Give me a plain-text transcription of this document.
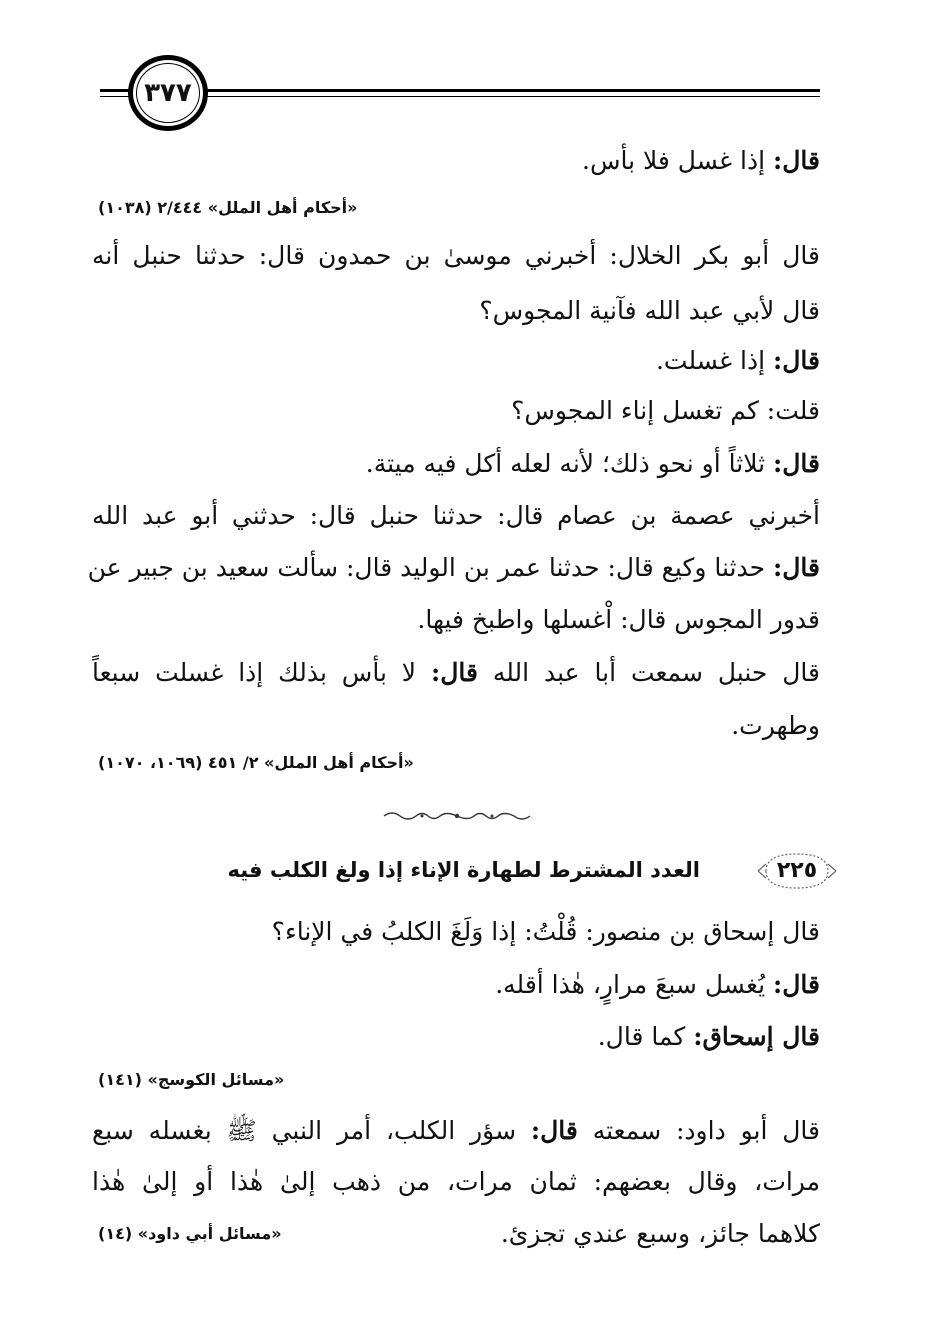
٣٧٧
قال: إذا غسل فلا بأس.
«أحكام أهل الملل» ٢/٤٤٤ (١٠٣٨)
قال أبو بكر الخلال: أخبرني موسىٰ بن حمدون قال: حدثنا حنبل أنه
قال لأبي عبد الله فآنية المجوس؟
قال: إذا غسلت.
قلت: كم تغسل إناء المجوس؟
قال: ثلاثاً أو نحو ذلك؛ لأنه لعله أكل فيه ميتة.
أخبرني عصمة بن عصام قال: حدثنا حنبل قال: حدثني أبو عبد الله
قال: حدثنا وكيع قال: حدثنا عمر بن الوليد قال: سألت سعيد بن جبير عن
قدور المجوس قال: اْغسلها واطبخ فيها.
قال حنبل سمعت أبا عبد الله قال: لا بأس بذلك إذا غسلت سبعاً
وطهرت.
«أحكام أهل الملل» ٢/ ٤٥١ (١٠٦٩، ١٠٧٠)
٢٢٥
العدد المشترط لطهارة الإناء إذا ولغ الكلب فيه
قال إسحاق بن منصور: قُلْتُ: إذا وَلَغَ الكلبُ في الإناء؟
قال: يُغسل سبعَ مرارٍ، هٰذا أقله.
قال إسحاق: كما قال.
«مسائل الكوسج» (١٤١)
قال أبو داود: سمعته قال: سؤر الكلب، أمر النبي ﷺ بغسله سبع
مرات، وقال بعضهم: ثمان مرات، من ذهب إلىٰ هٰذا أو إلىٰ هٰذا
كلاهما جائز، وسبع عندي تجزئ.
«مسائل أبي داود» (١٤)
